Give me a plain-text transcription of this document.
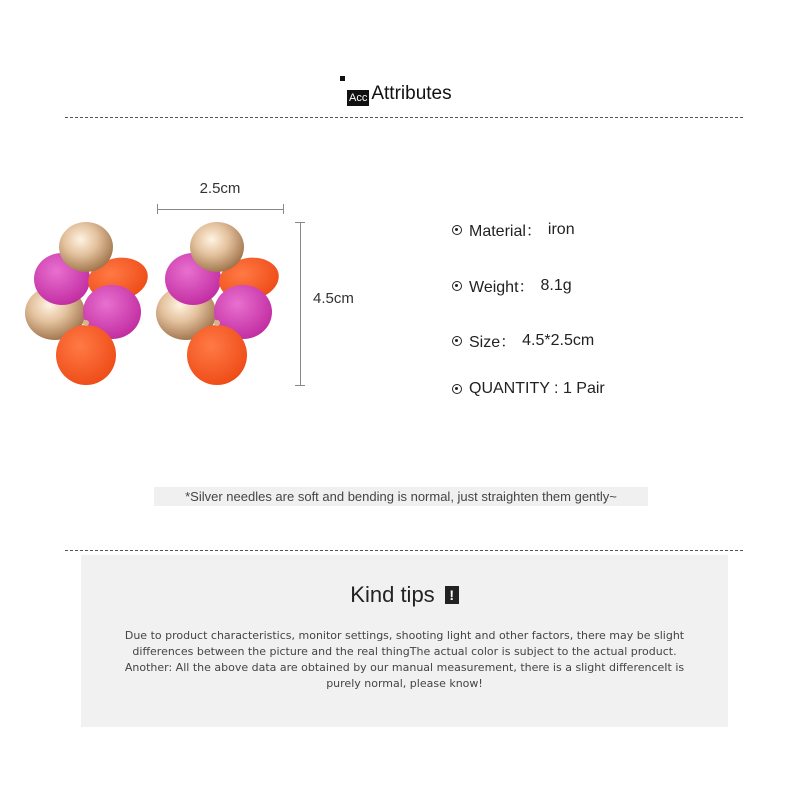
Acc Attributes
2.5cm
4.5cm
Material： iron
Weight： 8.1g
Size： 4.5*2.5cm
QUANTITY : 1 Pair
*Silver needles are soft and bending is normal, just straighten them gently~
Kind tips !
Due to product characteristics, monitor settings, shooting light and other factors, there may be slight
differences between the picture and the real thingThe actual color is subject to the actual product.
Another: All the above data are obtained by our manual measurement, there is a slight differenceIt is
purely normal, please know!
